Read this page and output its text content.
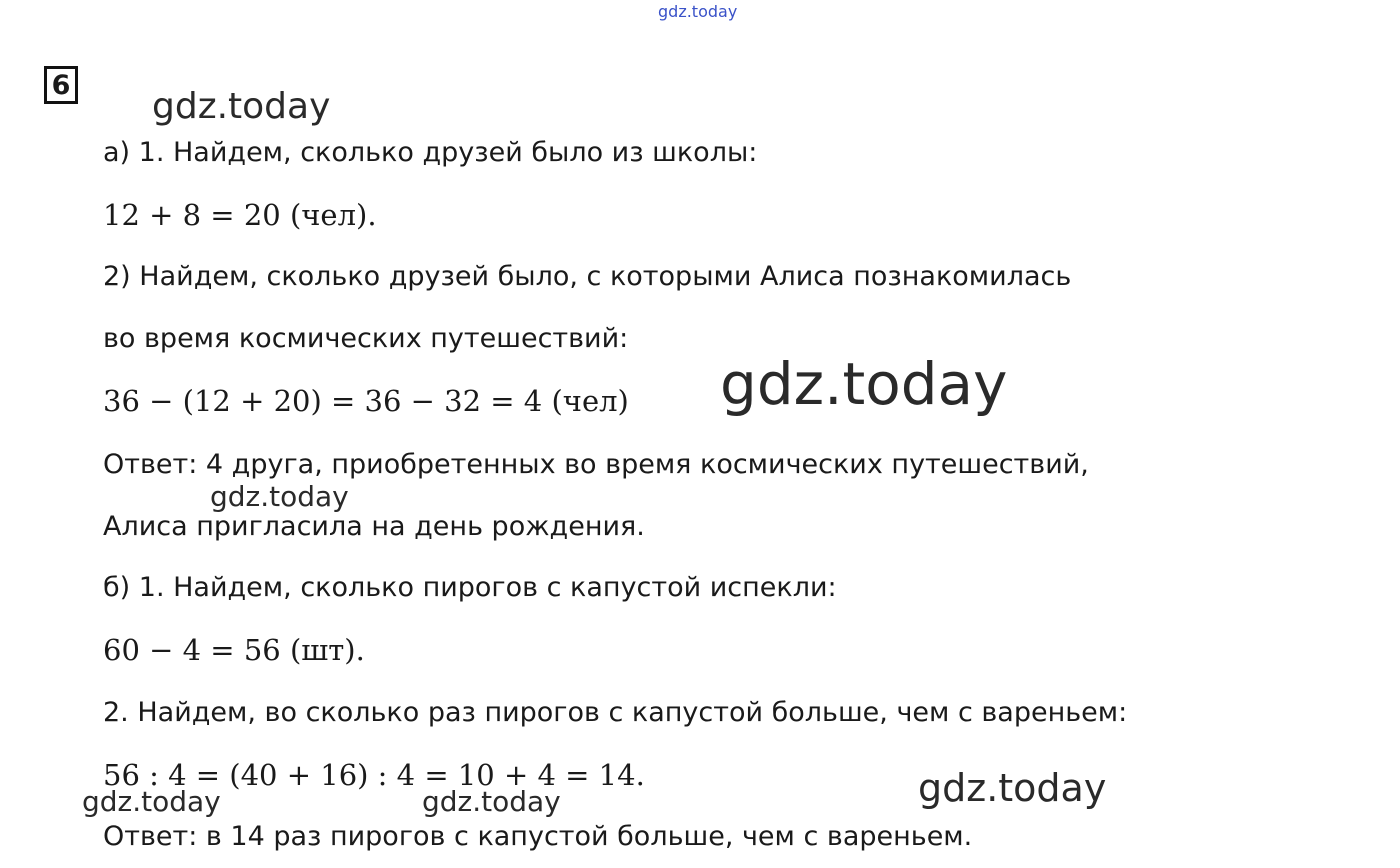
gdz.today
6
а) 1. Найдем, сколько друзей было из школы:
12 + 8 = 20 (чел).
2) Найдем, сколько друзей было, с которыми Алиса познакомилась
во время космических путешествий:
36 − (12 + 20) = 36 − 32 = 4 (чел)
Ответ: 4 друга, приобретенных во время космических путешествий,
Алиса пригласила на день рождения.
б) 1. Найдем, сколько пирогов с капустой испекли:
60 − 4 = 56 (шт).
2. Найдем, во сколько раз пирогов с капустой больше, чем с вареньем:
56 : 4 = (40 + 16) : 4 = 10 + 4 = 14.
Ответ: в 14 раз пирогов с капустой больше, чем с вареньем.
gdz.today
gdz.today
gdz.today
gdz.today	gdz.today	gdz.today
